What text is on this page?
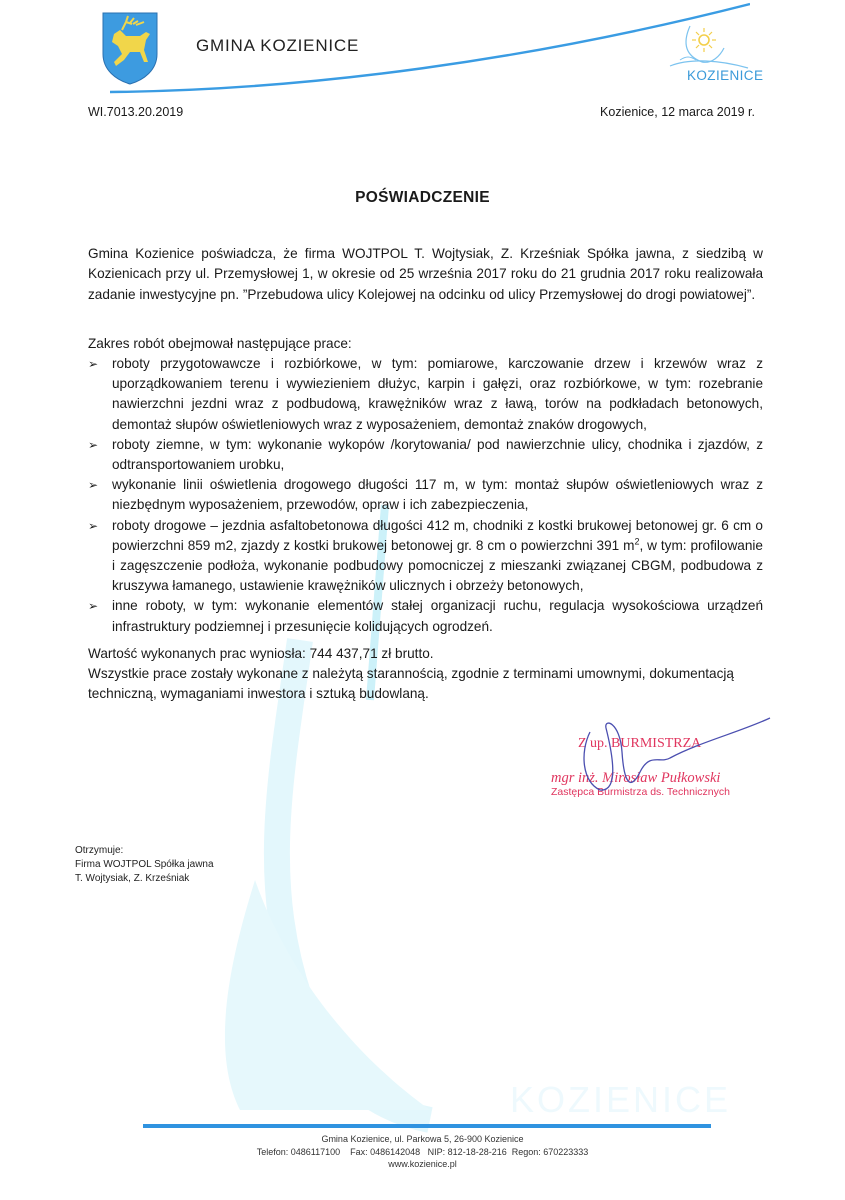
KOZIENICE
GMINA KOZIENICE
KOZIENICE
WI.7013.20.2019	Kozienice, 12 marca 2019 r.
POŚWIADCZENIE
Gmina Kozienice poświadcza, że firma WOJTPOL T. Wojtysiak, Z. Krześniak Spółka jawna, z siedzibą w Kozienicach przy ul. Przemysłowej 1, w okresie od 25 września 2017 roku do 21 grudnia 2017 roku realizowała zadanie inwestycyjne pn. ”Przebudowa ulicy Kolejowej na odcinku od ulicy Przemysłowej do drogi powiatowej”.
Zakres robót obejmował następujące prace:
➢ roboty przygotowawcze i rozbiórkowe, w tym: pomiarowe, karczowanie drzew i krzewów wraz z uporządkowaniem terenu i wywiezieniem dłużyc, karpin i gałęzi, oraz rozbiórkowe, w tym: rozebranie nawierzchni jezdni wraz z podbudową, krawężników wraz z ławą, torów na podkładach betonowych, demontaż słupów oświetleniowych wraz z wyposażeniem, demontaż znaków drogowych,
➢ roboty ziemne, w tym: wykonanie wykopów /korytowania/ pod nawierzchnie ulicy, chodnika i zjazdów, z odtransportowaniem urobku,
➢ wykonanie linii oświetlenia drogowego długości 117 m, w tym: montaż słupów oświetleniowych wraz z niezbędnym wyposażeniem, przewodów, opraw i ich zabezpieczenia,
➢ roboty drogowe – jezdnia asfaltobetonowa długości 412 m, chodniki z kostki brukowej betonowej gr. 6 cm o powierzchni 859 m2, zjazdy z kostki brukowej betonowej gr. 8 cm o powierzchni 391 $m^2$, w tym: profilowanie i zagęszczenie podłoża, wykonanie podbudowy pomocniczej z mieszanki związanej CBGM, podbudowa z kruszywa łamanego, ustawienie krawężników ulicznych i obrzeży betonowych,
➢ inne roboty, w tym: wykonanie elementów stałej organizacji ruchu, regulacja wysokościowa urządzeń infrastruktury podziemnej i przesunięcie kolidujących ogrodzeń.
Wartość wykonanych prac wyniosła: 744 437,71 zł brutto.
Wszystkie prace zostały wykonane z należytą starannością, zgodnie z terminami umownymi, dokumentacją techniczną, wymaganiami inwestora i sztuką budowlaną.
Z up. BURMISTRZA
mgr inż. Mirosław Pułkowski
Zastępca Burmistrza ds. Technicznych
Otrzymuje:
Firma WOJTPOL Spółka jawna
T. Wojtysiak, Z. Krześniak
Gmina Kozienice, ul. Parkowa 5, 26-900 Kozienice
Telefon: 0486117100    Fax: 0486142048   NIP: 812-18-28-216  Regon: 670223333
www.kozienice.pl
